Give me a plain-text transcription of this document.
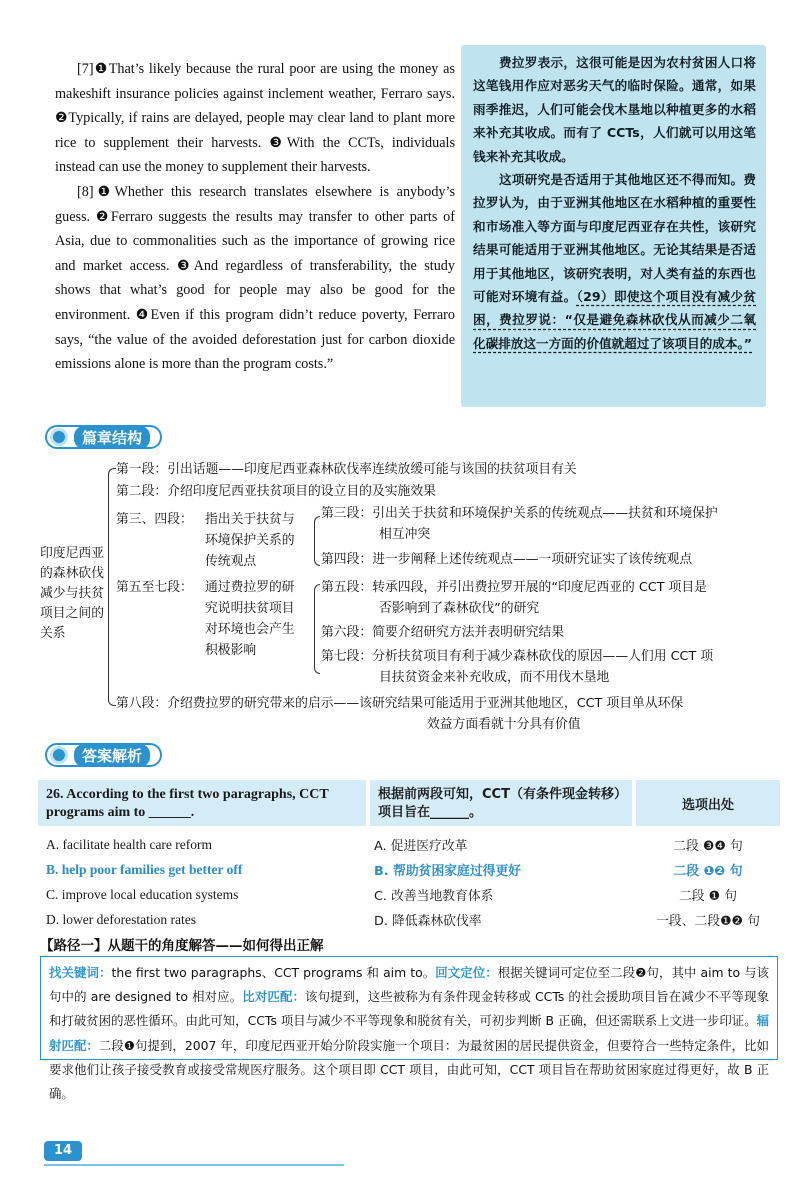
[7]❶That’s likely because the rural poor are using the money as makeshift insurance policies against inclement weather, Ferraro says. ❷Typically, if rains are delayed, people may clear land to plant more rice to supplement their harvests. ❸With the CCTs, individuals instead can use the money to supplement their harvests.

[8]❶Whether this research translates elsewhere is anybody’s guess. ❷Ferraro suggests the results may transfer to other parts of Asia, due to commonalities such as the importance of growing rice and market access. ❸And regardless of transferability, the study shows that what’s good for people may also be good for the environment. ❹Even if this program didn’t reduce poverty, Ferraro says, “the value of the avoided deforestation just for carbon dioxide emissions alone is more than the program costs.”

费拉罗表示，这很可能是因为农村贫困人口将这笔钱用作应对恶劣天气的临时保险。通常，如果雨季推迟，人们可能会伐木垦地以种植更多的水稻来补充其收成。而有了 CCTs，人们就可以用这笔钱来补充其收成。

这项研究是否适用于其他地区还不得而知。费拉罗认为，由于亚洲其他地区在水稻种植的重要性和市场准入等方面与印度尼西亚存在共性，该研究结果可能适用于亚洲其他地区。无论其结果是否适用于其他地区，该研究表明，对人类有益的东西也可能对环境有益。（29）即使这个项目没有减少贫困，费拉罗说：“仅是避免森林砍伐从而减少二氧化碳排放这一方面的价值就超过了该项目的成本。”

篇章结构
印度尼西亚的森林砍伐减少与扶贫项目之间的关系
第一段：引出话题——印度尼西亚森林砍伐率连续放缓可能与该国的扶贫项目有关
第二段：介绍印度尼西亚扶贫项目的设立目的及实施效果
第三、四段： 指出关于扶贫与
环境保护关系的
传统观点
第三段：引出关于扶贫和环境保护关系的传统观点——扶贫和环境保护
相互冲突
第四段：进一步阐释上述传统观点——一项研究证实了该传统观点
第五至七段： 通过费拉罗的研
究说明扶贫项目
对环境也会产生
积极影响
第五段：转承四段，并引出费拉罗开展的“印度尼西亚的 CCT 项目是
否影响到了森林砍伐”的研究
第六段：简要介绍研究方法并表明研究结果
第七段：分析扶贫项目有利于减少森林砍伐的原因——人们用 CCT 项
目扶贫资金来补充收成，而不用伐木垦地
第八段：介绍费拉罗的研究带来的启示——该研究结果可能适用于亚洲其他地区，CCT 项目单从环保
效益方面看就十分具有价值
答案解析
26. According to the first two paragraphs, CCT programs aim to ______.
根据前两段可知，CCT（有条件现金转移）项目旨在______。	选项出处
A. facilitate health care reform	A. 促进医疗改革	二段 ❸❹ 句
B. help poor families get better off	B. 帮助贫困家庭过得更好	二段 ❶❷ 句
C. improve local education systems	C. 改善当地教育体系	二段 ❶ 句
D. lower deforestation rates	D. 降低森林砍伐率	一段、二段❶❷ 句
【路径一】从题干的角度解答——如何得出正解
找关键词：the first two paragraphs、CCT programs 和 aim to。回文定位：根据关键词可定位至二段❷句，其中 aim to 与该句中的 are designed to 相对应。比对匹配：该句提到，这些被称为有条件现金转移或 CCTs 的社会援助项目旨在减少不平等现象和打破贫困的恶性循环。由此可知，CCTs 项目与减少不平等现象和脱贫有关，可初步判断 B 正确，但还需联系上文进一步印证。辐射匹配：二段❶句提到，2007 年，印度尼西亚开始分阶段实施一个项目：为最贫困的居民提供资金，但要符合一些特定条件，比如要求他们让孩子接受教育或接受常规医疗服务。这个项目即 CCT 项目，由此可知，CCT 项目旨在帮助贫困家庭过得更好，故 B 正确。
14
